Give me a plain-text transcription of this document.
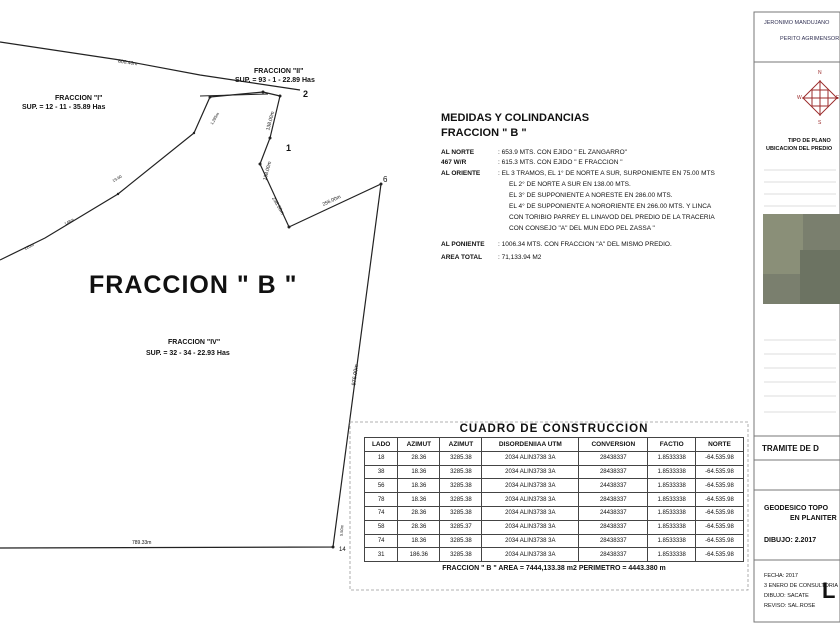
FRACCION "II"
SUP. = 93 - 1 - 22.89 Has
FRACCION "I"
SUP. = 12 - 11 - 35.89 Has
FRACCION " B "
FRACCION "IV"
SUP. = 32 - 34 - 22.93 Has
2
1
6
14
600.40m
138.00m
138.00m
238.00m	256.00m
976.00m
789.33m
1,285m
19.60
148m
120m
5.50m
MEDIDAS Y COLINDANCIAS
FRACCION " B "
AL NORTE	: 653.9 MTS. CON EJIDO " EL ZANGARRO"
467 W/R	: 615.3 MTS. CON EJIDO " E FRACCION "
AL ORIENTE	: EL 3 TRAMOS, EL 1° DE NORTE A SUR, SURPONIENTE EN 75.00 MTS
EL 2° DE NORTE A SUR EN 138.00 MTS.
EL 3° DE SUPPONIENTE A NORESTE EN 286.00 MTS.
EL 4° DE SUPPONIENTE A NORORIENTE EN 266.00 MTS. Y LINCA
CON TORIBIO PARREY EL LINAVOD DEL PREDIO DE LA TRACERIA
CON CONSEJO "A" DEL MUN EDO PEL ZASSA "
AL PONIENTE : 1006.34 MTS. CON FRACCION "A" DEL MISMO PREDIO.
AREA TOTAL : 71,133.94 M2
CUADRO DE CONSTRUCCION
LADO	AZIMUT	AZIMUT	DISORDENIIAA UTM	CONVERSION	FACTIO	NORTE
18	28.36	3285.38	2034 ALIN3738 3A	28438337	1.8533338	-64.535.98
38	18.36	3285.38	2034 ALIN3738 3A	28438337	1.8533338	-64.535.98
56	18.36	3285.38	2034 ALIN3738 3A	24438337	1.8533338	-64.535.98
78	18.36	3285.38	2034 ALIN3738 3A	28438337	1.8533338	-64.535.98
74	28.36	3285.38	2034 ALIN3738 3A	24438337	1.8533338	-64.535.98
58	28.36	3285.37	2034 ALIN3738 3A	28438337	1.8533338	-64.535.98
74	18.36	3285.38	2034 ALIN3738 3A	28438337	1.8533338	-64.535.98
31	186.36	3285.38	2034 ALIN3738 3A	28438337	1.8533338	-64.535.98
FRACCION " B " AREA = 7444,133.38 m2 PERIMETRO = 4443.380 m
JERONIMO MANDUJANO
PERITO AGRIMENSOR
N
E
W
S
TIPO DE PLANO
UBICACION DEL PREDIO
TRAMITE DE D
GEODESICO TOPO
EN PLANITER
DIBUJO: 2.2017
FECHA: 2017
3 ENERO DE CONSULTORIA
DIBUJO: SACATE
REVISO: SAL.ROSE
L
